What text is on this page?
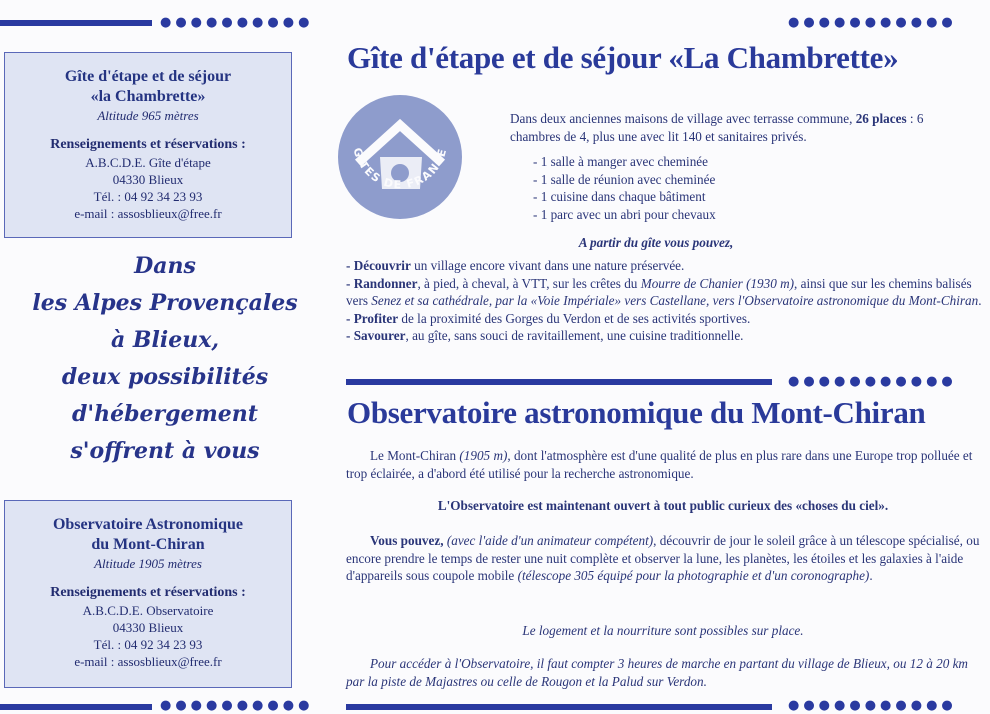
●●●●●●●●●●	●●●●●●●●●●●
●●●●●●●●●●●
●●●●●●●●●●	●●●●●●●●●●●
Gîte d'étape et de séjour
«la Chambrette»
Altitude 965 mètres
Renseignements et réservations :
A.B.C.D.E. Gîte d'étape
04330 Blieux
Tél. : 04 92 34 23 93
e-mail : assosblieux@free.fr
Dans
les Alpes Provençales
à Blieux,
deux possibilités
d'hébergement
s'offrent à vous
Observatoire Astronomique
du Mont-Chiran
Altitude 1905 mètres
Renseignements et réservations :
A.B.C.D.E. Observatoire
04330 Blieux
Tél. : 04 92 34 23 93
e-mail : assosblieux@free.fr
Gîte d'étape et de séjour «La Chambrette»
GITES DE FRANCE
Dans deux anciennes maisons de village avec terrasse commune, 26 places : 6 chambres de 4, plus une avec lit 140 et sanitaires privés.
- 1 salle à manger avec cheminée
- 1 salle de réunion avec cheminée
- 1 cuisine dans chaque bâtiment
- 1 parc avec un abri pour chevaux
A partir du gîte vous pouvez,
- Découvrir un village encore vivant dans une nature préservée.
- Randonner, à pied, à cheval, à VTT, sur les crêtes du Mourre de Chanier (1930 m), ainsi que sur les chemins balisés vers Senez et sa cathédrale, par la «Voie Impériale» vers Castellane, vers l'Observatoire astronomique du Mont-Chiran.
- Profiter de la proximité des Gorges du Verdon et de ses activités sportives.
- Savourer, au gîte, sans souci de ravitaillement, une cuisine traditionnelle.
Observatoire astronomique du Mont-Chiran
Le Mont-Chiran (1905 m), dont l'atmosphère est d'une qualité de plus en plus rare dans une Europe trop polluée et trop éclairée, a d'abord été utilisé pour la recherche astronomique.
L'Observatoire est maintenant ouvert à tout public curieux des «choses du ciel».
Vous pouvez, (avec l'aide d'un animateur compétent), découvrir de jour le soleil grâce à un télescope spécialisé, ou encore prendre le temps de rester une nuit complète et observer la lune, les planètes, les étoiles et les galaxies à l'aide d'appareils sous coupole mobile (télescope 305 équipé pour la photographie et d'un coronographe).
Le logement et la nourriture sont possibles sur place.
Pour accéder à l'Observatoire, il faut compter 3 heures de marche en partant du village de Blieux, ou 12 à 20 km par la piste de Majastres ou celle de Rougon et la Palud sur Verdon.
